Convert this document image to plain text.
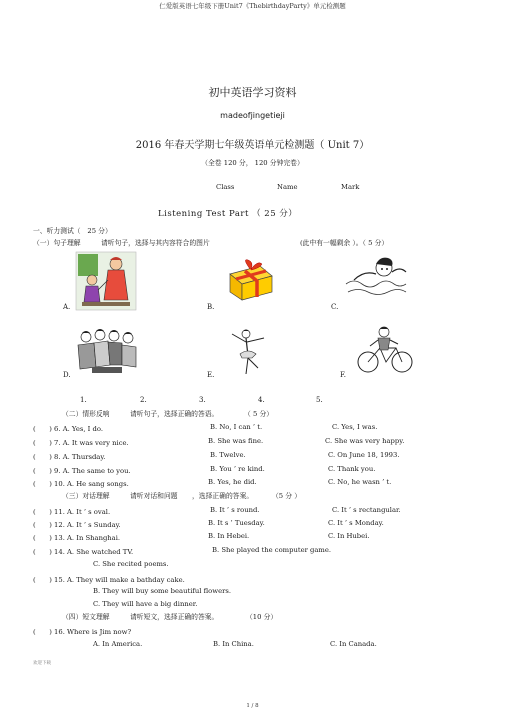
仁爱版英语七年级下册Unit7《ThebirthdayParty》单元检测题
初中英语学习资料
madeofjingetieji
2016 年春天学期七年级英语单元检测题（ Unit 7）
（全卷 120 分， 120 分钟完卷）
Class	Name	Mark
Listening Test Part （ 25 分）
一、听力测试（　25 分）
（一）句子理解	请听句子，选择与其内容符合的图片	(此中有一幅剩余 ）。（ 5 分）
A.	B.	C.
D.	E.	F.
1.	2.	3.	4.	5.
（二）情形反响	请听句子，选择正确的答语。	（ 5 分）
(　　) 6. A. Yes, I do.	B. No, I can ’ t.	C. Yes, I was.
(　　) 7. A. It was very nice.	B. She was fine.	C. She was very happy.
(　　) 8. A. Thursday.	B. Twelve.	C. On June 18, 1993.
(　　) 9. A. The same to you.	B. You ’ re kind.	C. Thank you.
(　　) 10. A. He sang songs.	B. Yes, he did.	C. No, he wasn ’ t.
（三）对话理解	请听对话和问题 ，选择正确的答案。	（5 分 ）
(　　) 11. A. It ’ s oval.	B. It ’ s round.	C. It ’ s rectangular.
(　　) 12. A. It ’ s Sunday.	B. It s ’ Tuesday.	C. It ’ s Monday.
(　　) 13. A. In Shanghai.	B. In Hebei.	C. In Hubei.
(　　) 14. A. She watched TV.	B. She played the computer game.
C. She recited poems.
(　　) 15. A. They will make a bathday cake.
B. They will buy some beautiful flowers.
C. They will have a big dinner.
（四）短文理解	请听短文，选择正确的答案。	（10 分）
(　　) 16. Where is Jim now?
A. In America.	B. In China.	C. In Canada.
欢迎下载
1 / 8
